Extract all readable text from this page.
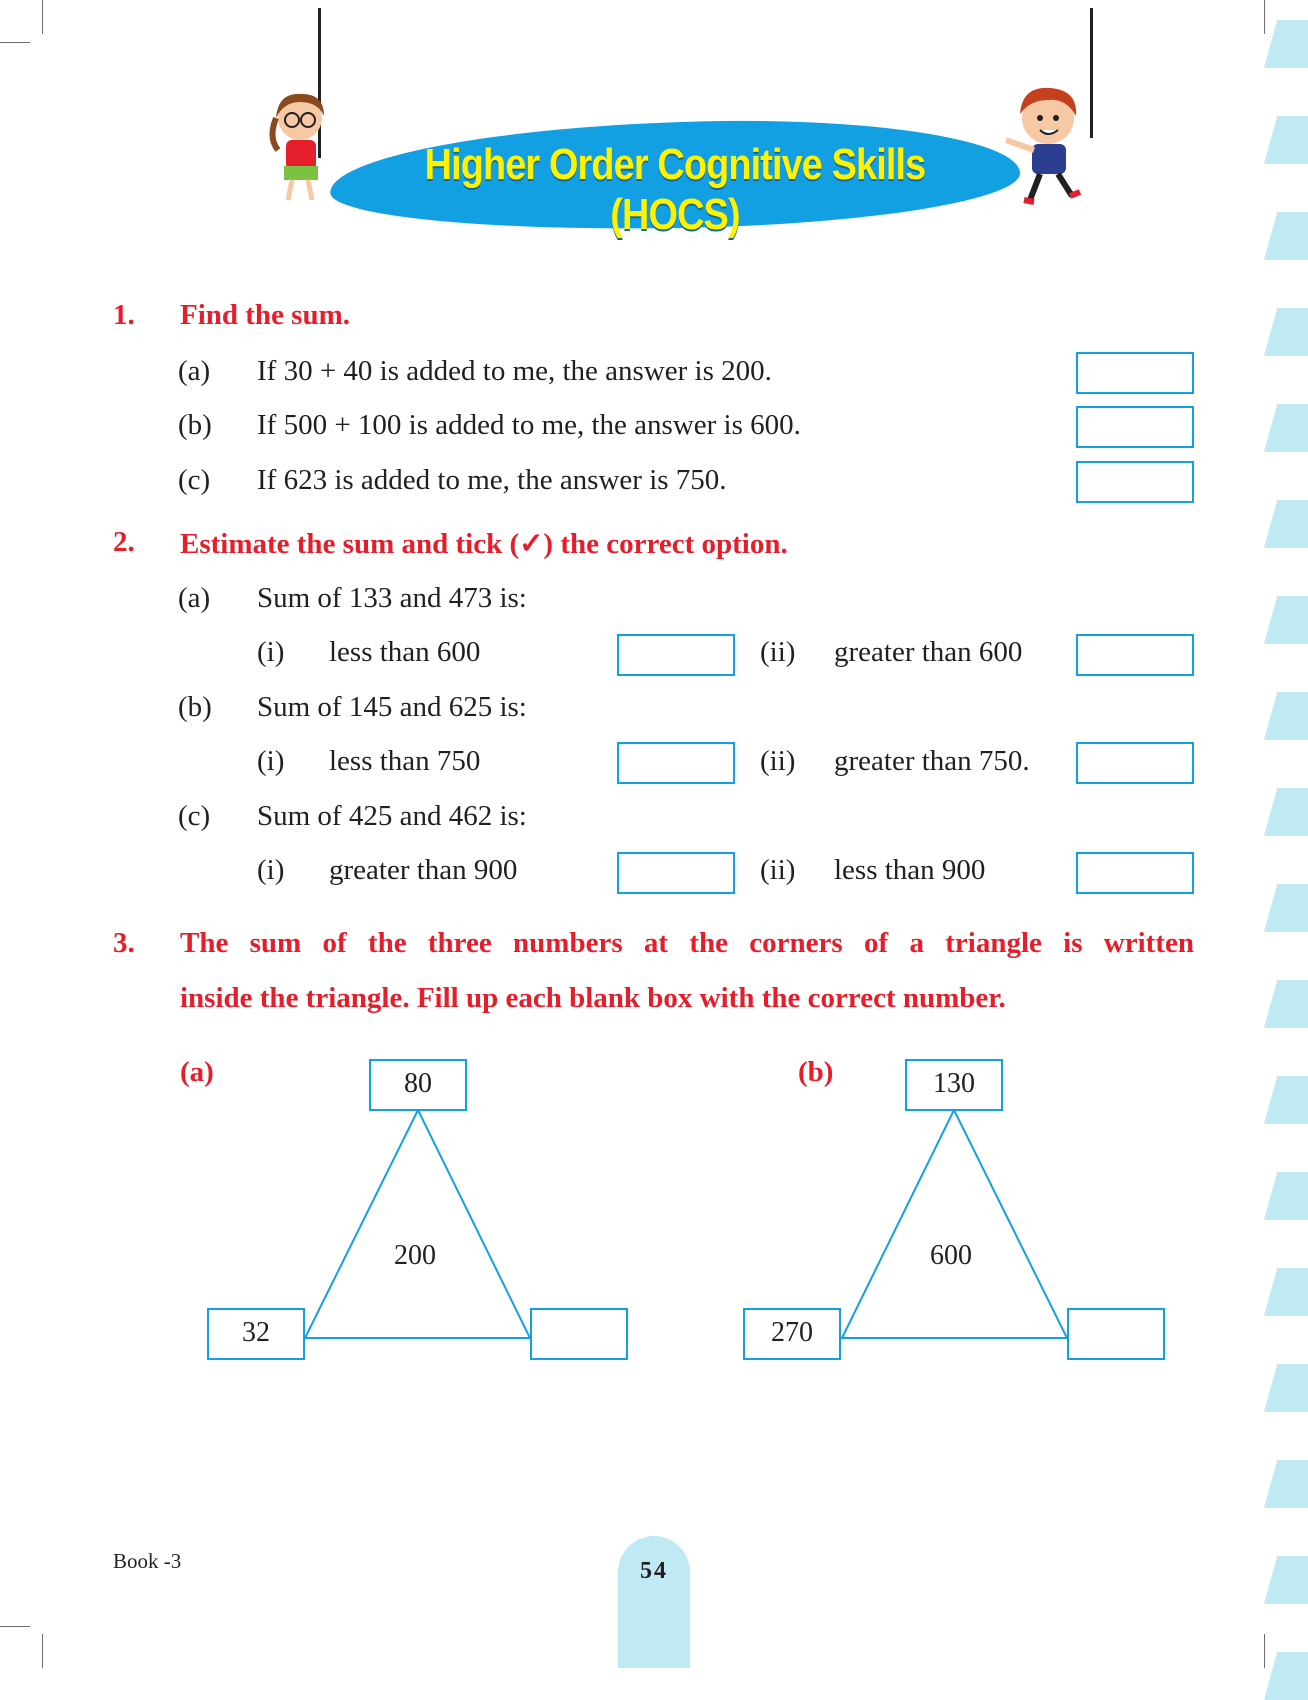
Higher Order Cognitive Skills (HOCS)
1. Find the sum.
(a) If 30 + 40 is added to me, the answer is 200.
(b) If 500 + 100 is added to me, the answer is 600.
(c) If 623 is added to me, the answer is 750.
2. Estimate the sum and tick (✓) the correct option.
(a) Sum of 133 and 473 is:
(i) less than 600	(ii) greater than 600
(b) Sum of 145 and 625 is:
(i) less than 750	(ii) greater than 750.
(c) Sum of 425 and 462 is:
(i) greater than 900	(ii) less than 900
3. The sum of the three numbers at the corners of a triangle is written
inside the triangle. Fill up each blank box with the correct number.
(a)	80
200
32
(b)	130
600
270
Book -3	54
